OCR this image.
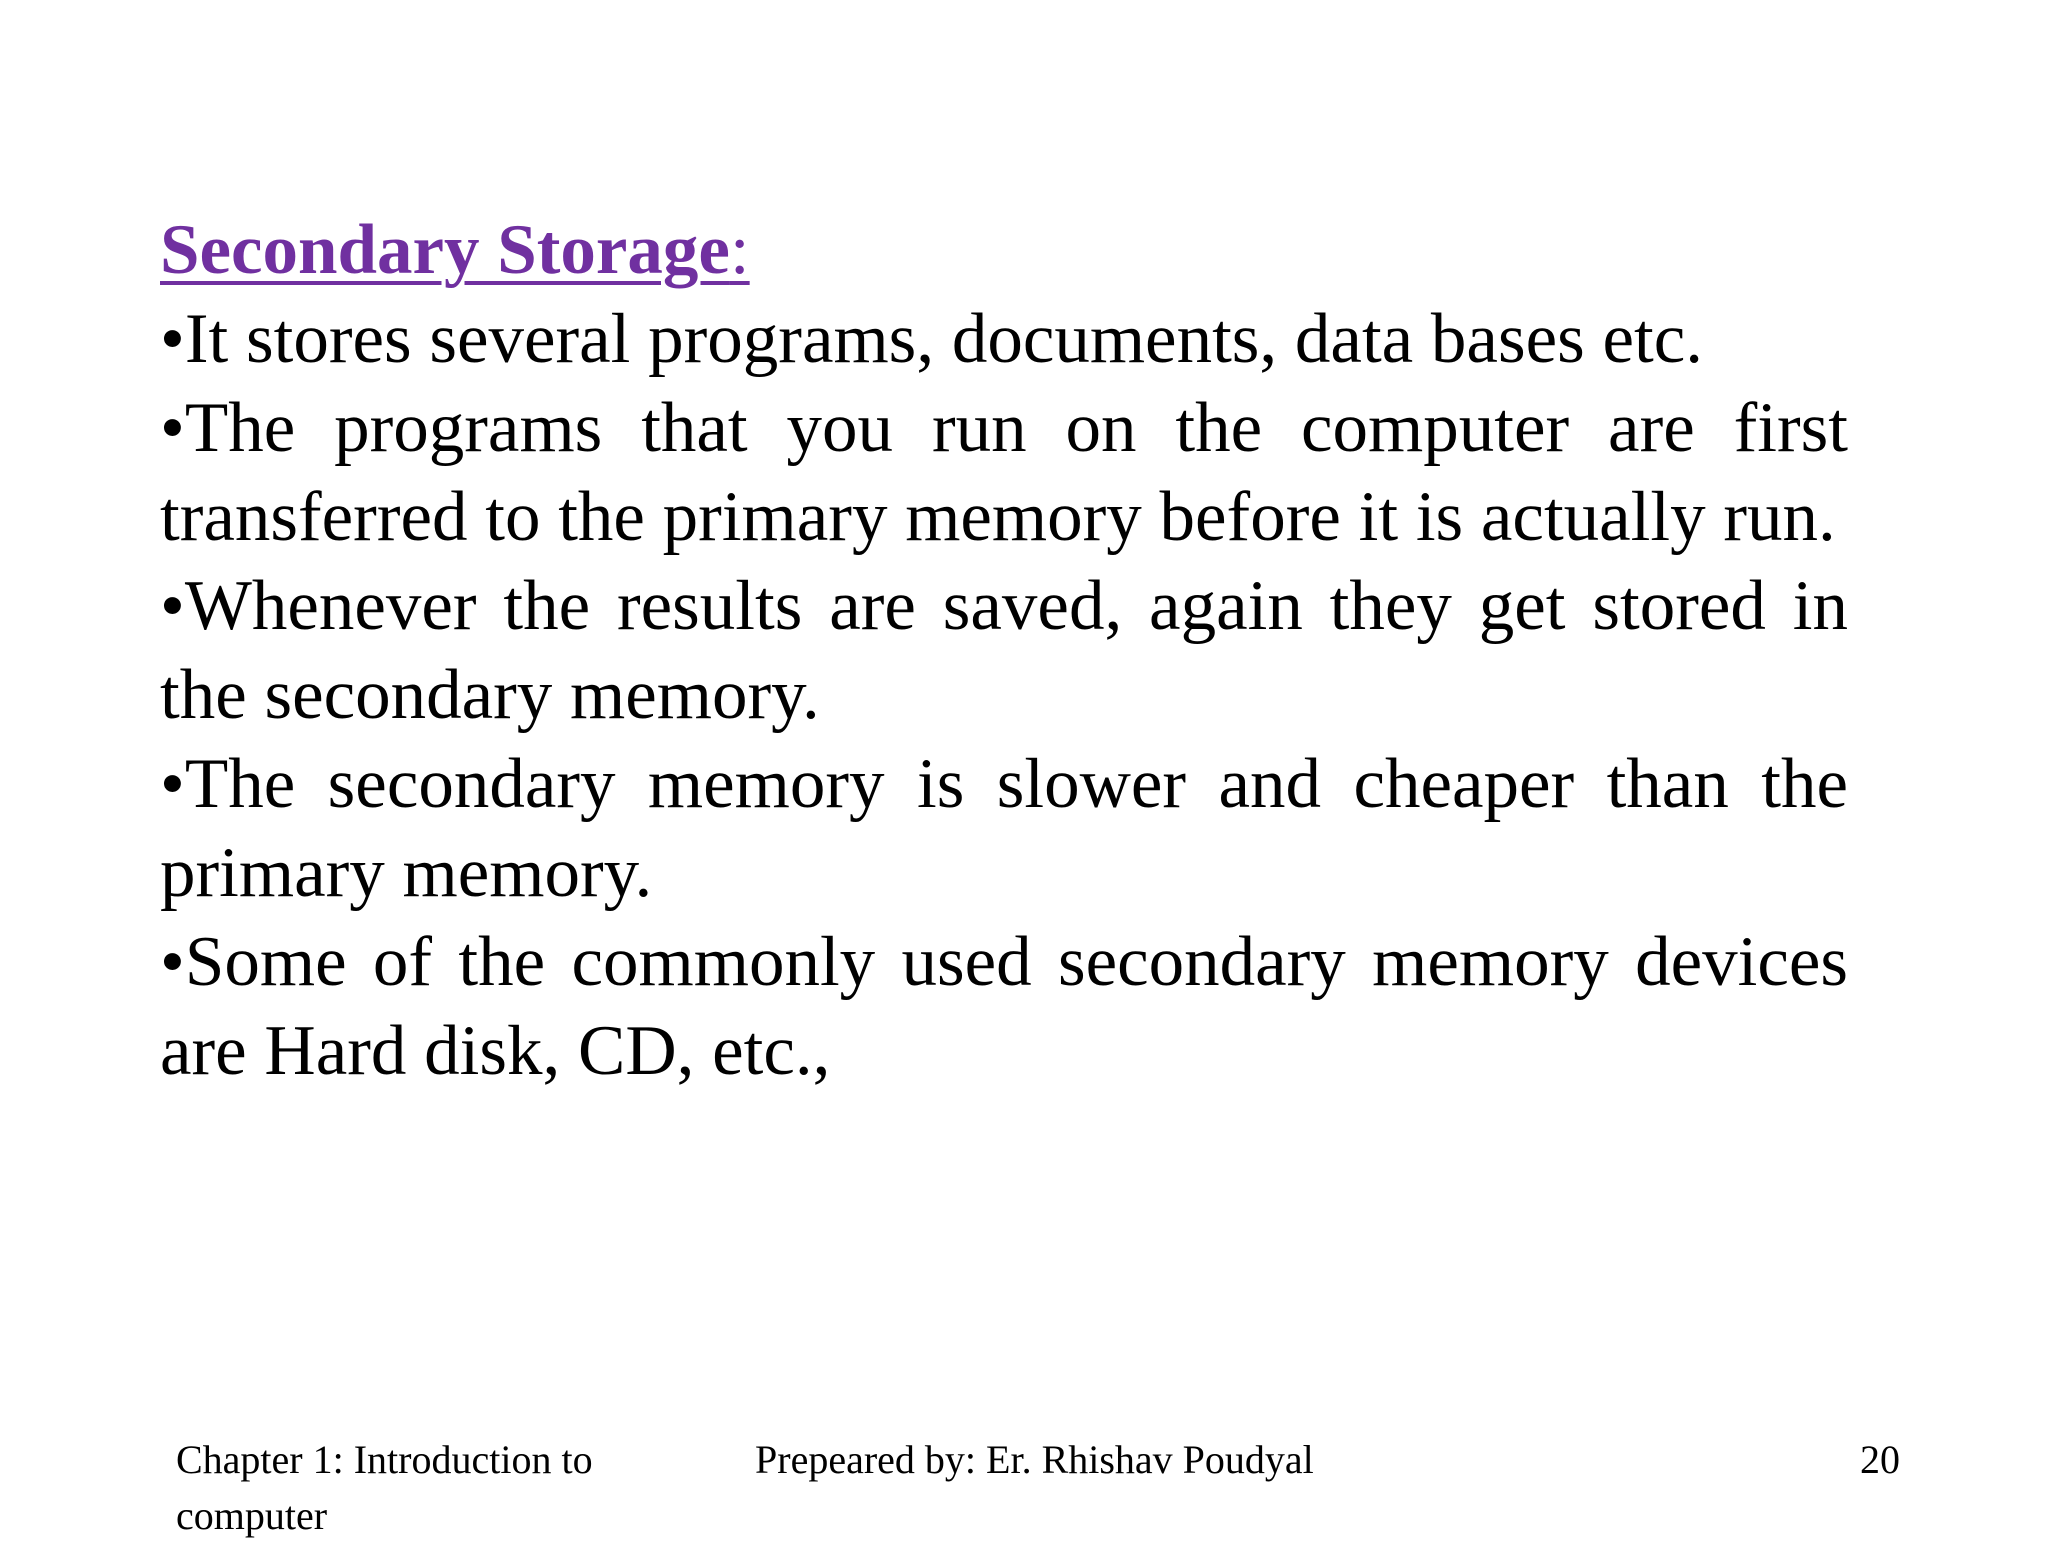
Secondary Storage:
•It stores several programs, documents, data bases etc.
•The programs that you run on the computer are first transferred to the primary memory before it is actually run.
•Whenever the results are saved, again they get stored in the secondary memory.
•The secondary memory is slower and cheaper than the primary memory.
•Some of the commonly used secondary memory devices are Hard disk, CD, etc.,
Chapter 1: Introduction to computer
Prepeared by: Er. Rhishav Poudyal	20
